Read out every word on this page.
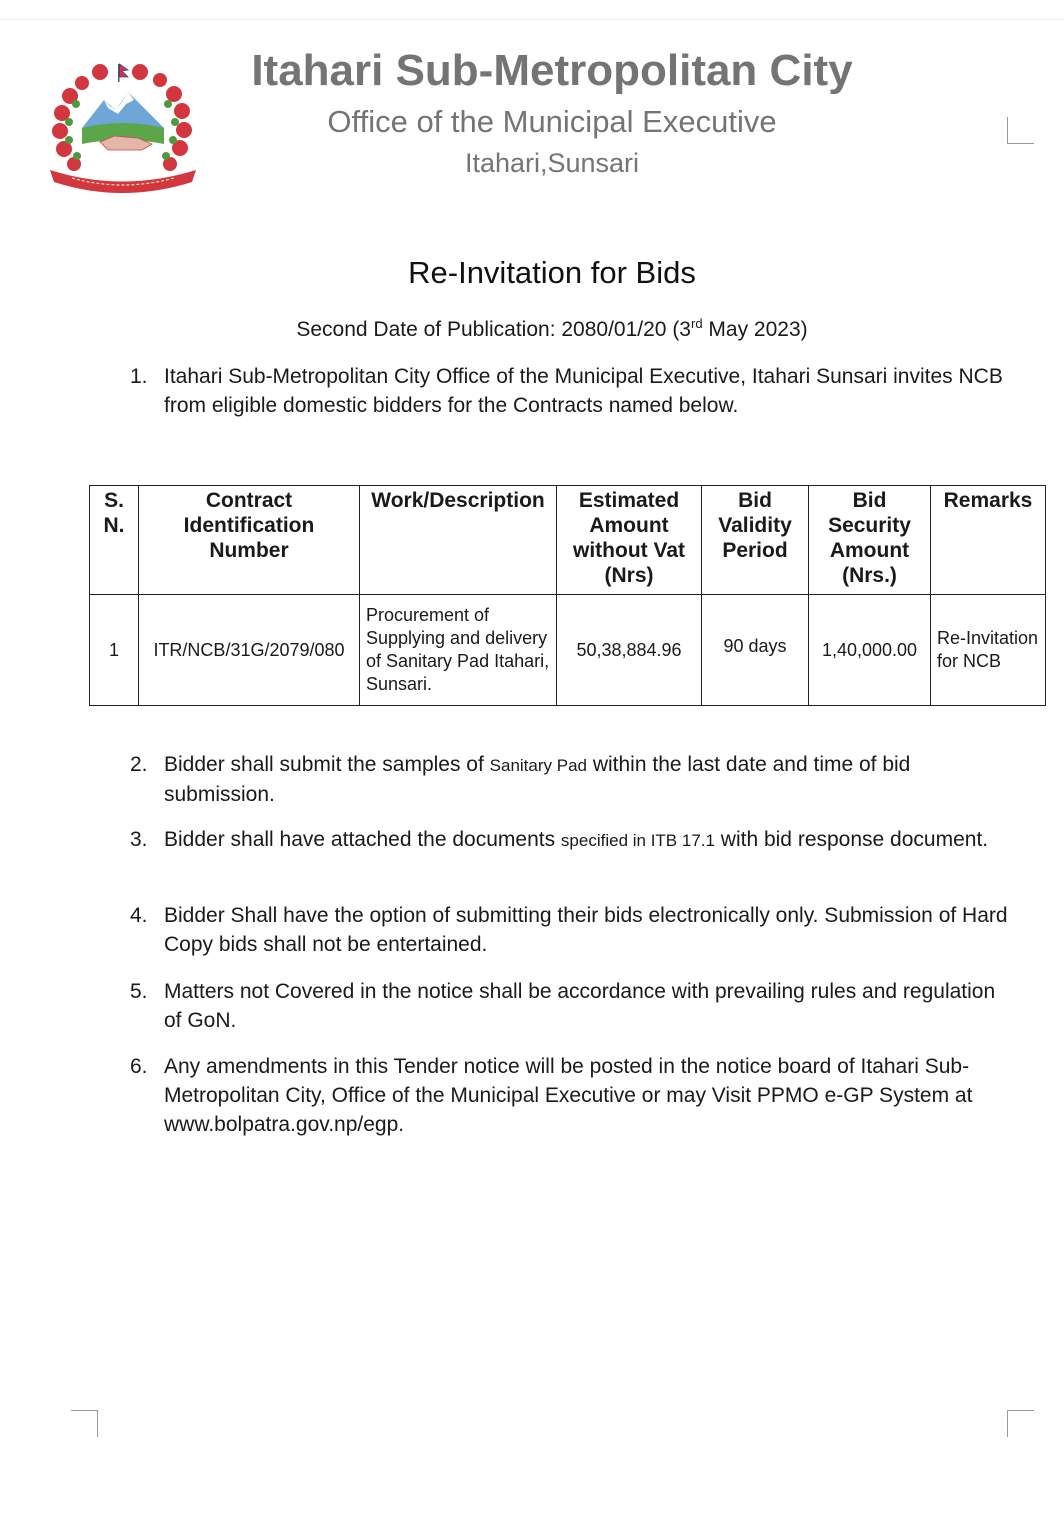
Itahari Sub-Metropolitan City
Office of the Municipal Executive
Itahari,Sunsari
Re-Invitation for Bids
Second Date of Publication: 2080/01/20 (3rd May 2023)
1. Itahari Sub-Metropolitan City Office of the Municipal Executive, Itahari Sunsari invites NCB from eligible domestic bidders for the Contracts named below.
S. N.	Contract Identification Number	Work/Description	Estimated Amount without Vat (Nrs)	Bid Validity Period	Bid Security Amount (Nrs.)	Remarks
1	ITR/NCB/31G/2079/080	Procurement of Supplying and delivery of Sanitary Pad Itahari, Sunsari.	50,38,884.96	90 days	1,40,000.00	Re-Invitation for NCB
2. Bidder shall submit the samples of Sanitary Pad within the last date and time of bid submission.
3. Bidder shall have attached the documents specified in ITB 17.1 with bid response document.
4. Bidder Shall have the option of submitting their bids electronically only. Submission of Hard Copy bids shall not be entertained.
5. Matters not Covered in the notice shall be accordance with prevailing rules and regulation of GoN.
6. Any amendments in this Tender notice will be posted in the notice board of Itahari Sub-Metropolitan City, Office of the Municipal Executive or may Visit PPMO e-GP System at www.bolpatra.gov.np/egp.
